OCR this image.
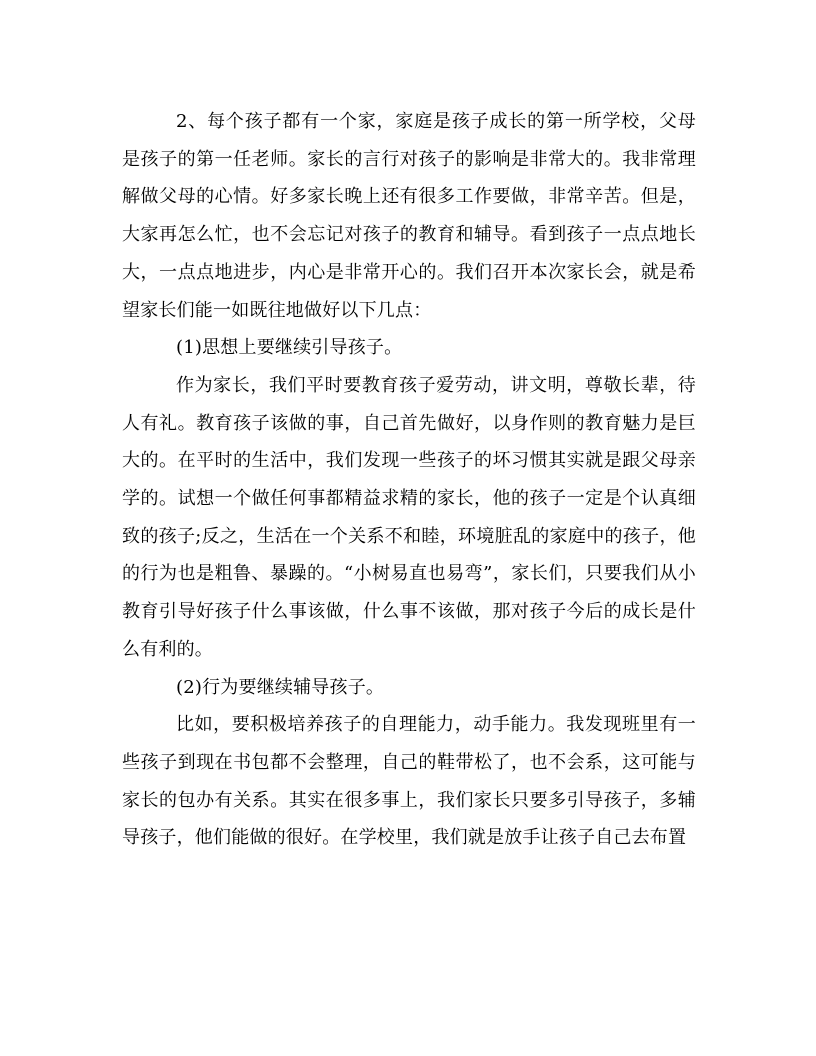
2、每个孩子都有一个家，家庭是孩子成长的第一所学校，父母是孩子的第一任老师。家长的言行对孩子的影响是非常大的。我非常理解做父母的心情。好多家长晚上还有很多工作要做，非常辛苦。但是，大家再怎么忙，也不会忘记对孩子的教育和辅导。看到孩子一点点地长大，一点点地进步，内心是非常开心的。我们召开本次家长会，就是希望家长们能一如既往地做好以下几点：

(1)思想上要继续引导孩子。

作为家长，我们平时要教育孩子爱劳动，讲文明，尊敬长辈，待人有礼。教育孩子该做的事，自己首先做好，以身作则的教育魅力是巨大的。在平时的生活中，我们发现一些孩子的坏习惯其实就是跟父母亲学的。试想一个做任何事都精益求精的家长，他的孩子一定是个认真细致的孩子;反之，生活在一个关系不和睦，环境脏乱的家庭中的孩子，他的行为也是粗鲁、暴躁的。“小树易直也易弯”，家长们，只要我们从小教育引导好孩子什么事该做，什么事不该做，那对孩子今后的成长是什么有利的。

(2)行为要继续辅导孩子。

比如，要积极培养孩子的自理能力，动手能力。我发现班里有一些孩子到现在书包都不会整理，自己的鞋带松了，也不会系，这可能与家长的包办有关系。其实在很多事上，我们家长只要多引导孩子，多辅导孩子，他们能做的很好。在学校里，我们就是放手让孩子自己去布置
